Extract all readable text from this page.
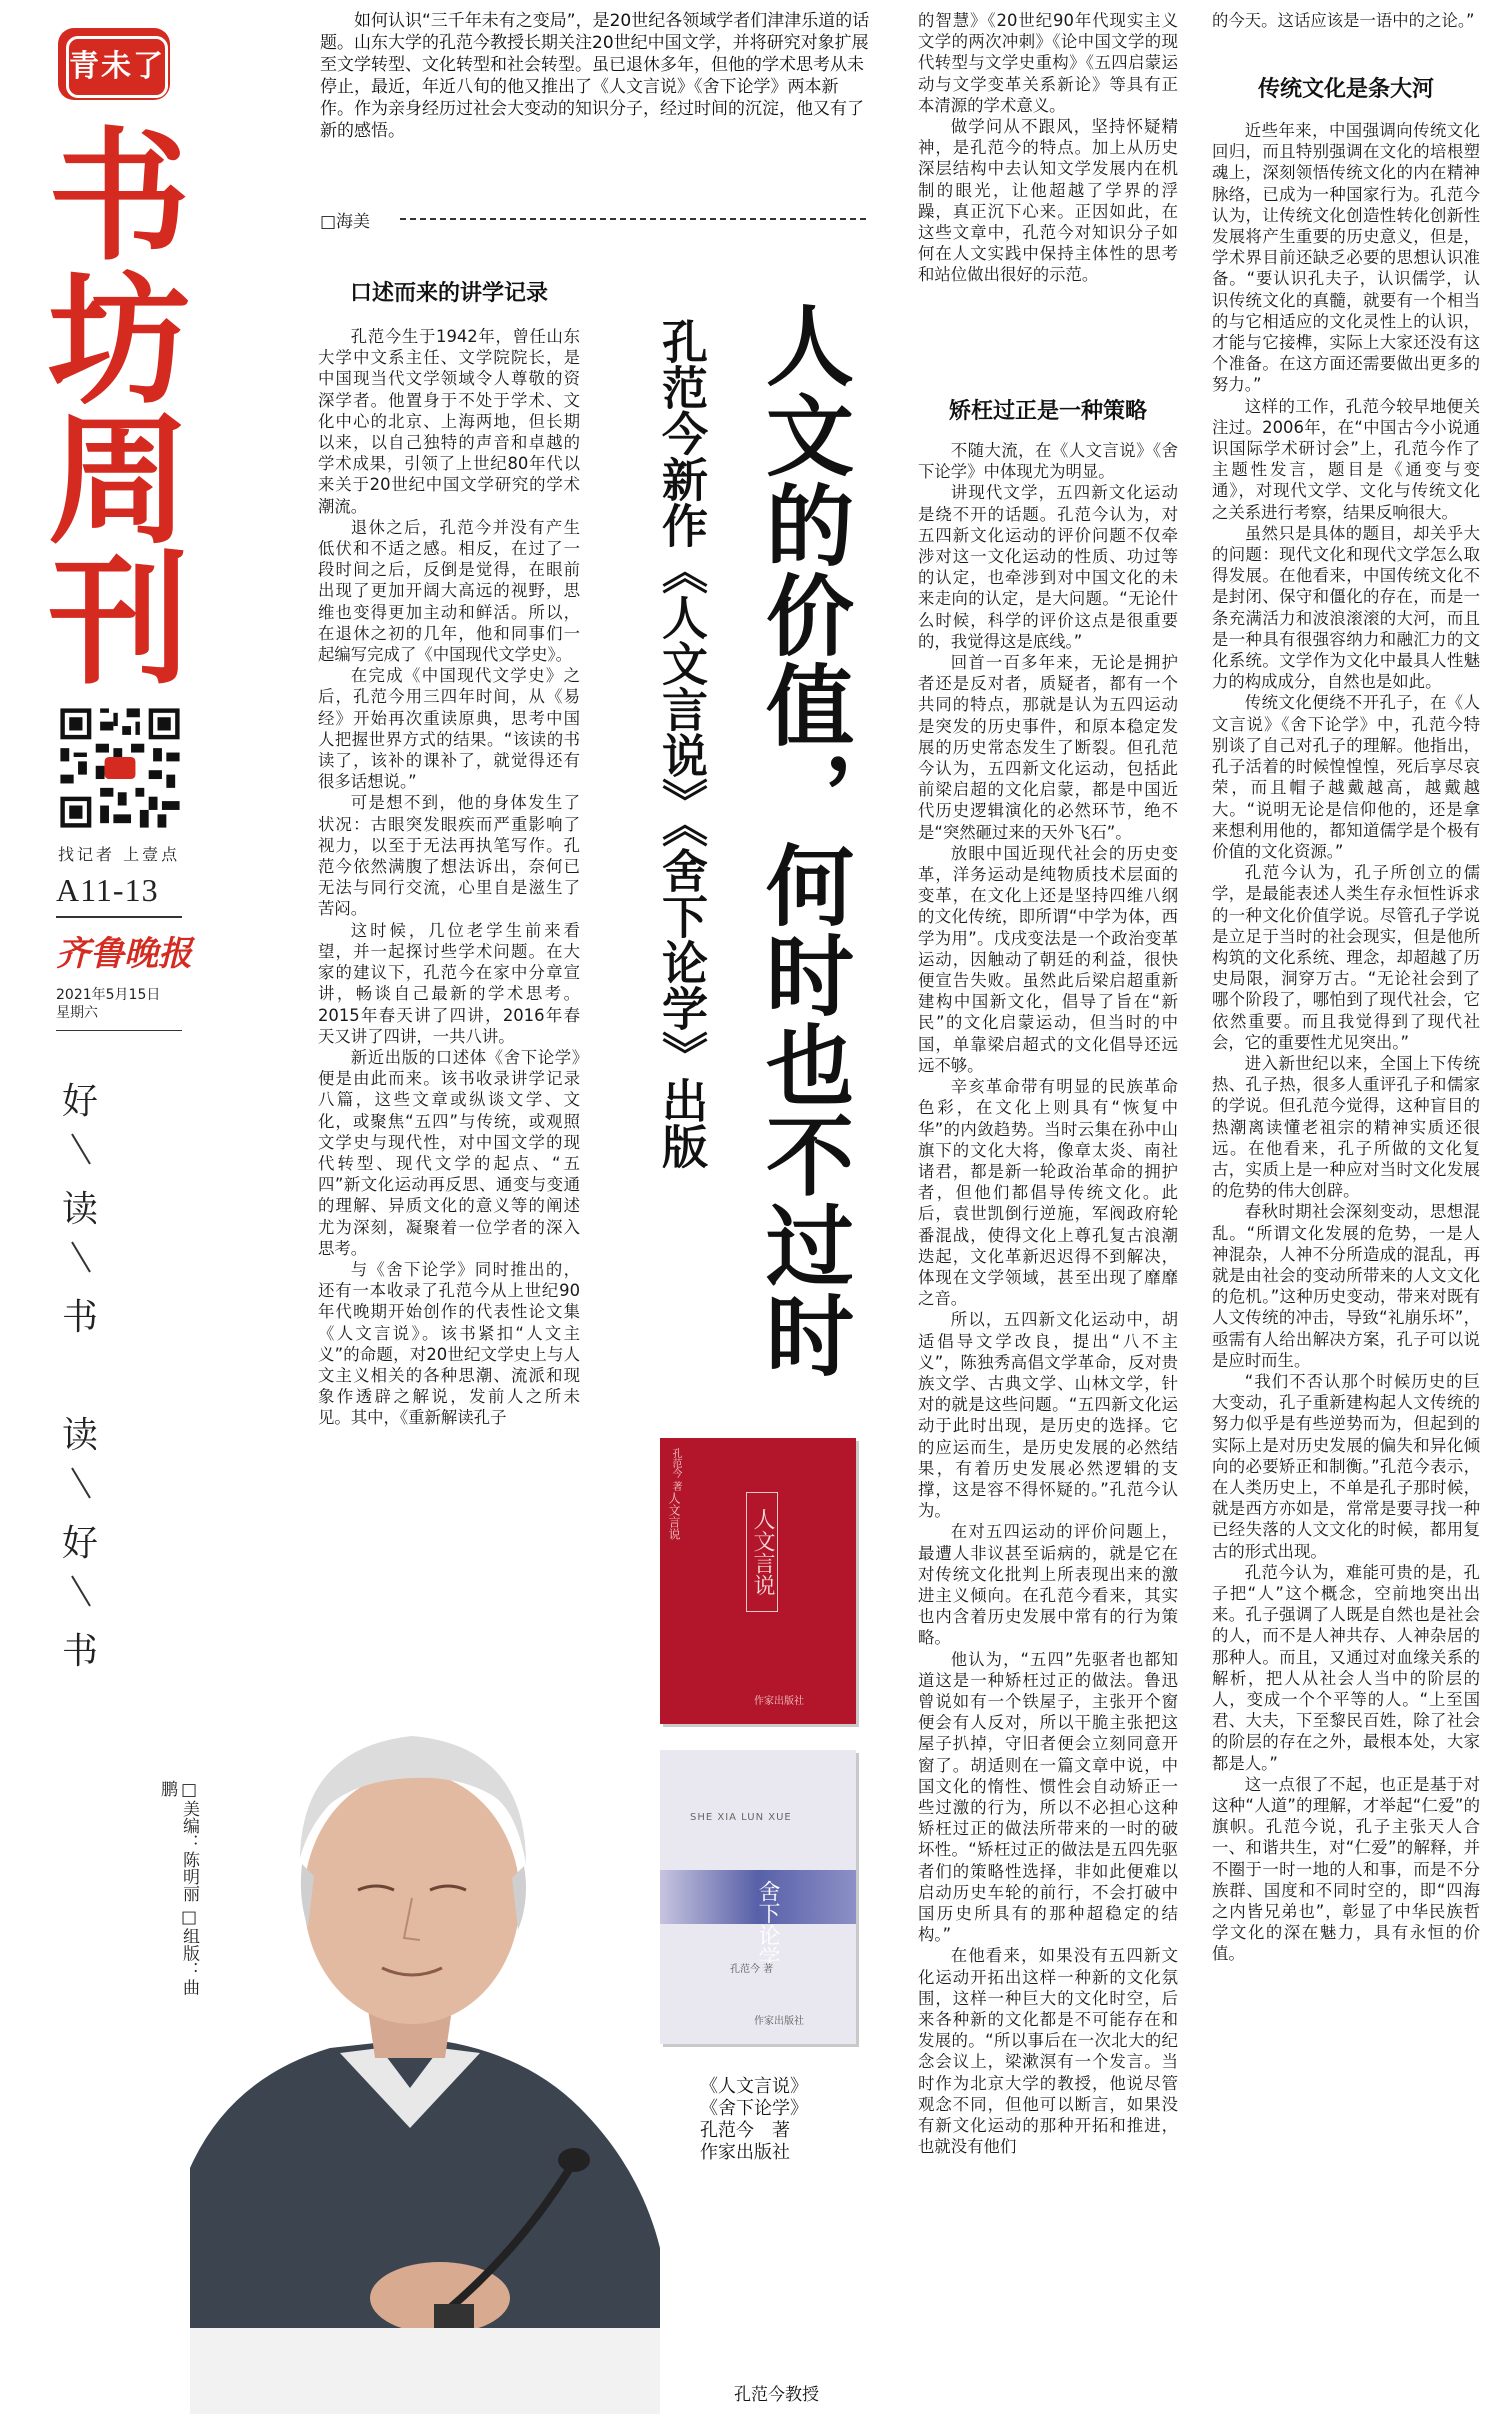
青未了
书
坊
周
刊
找记者 上壹点
A11-13
齐鲁晚报
2021年5月15日
星期六
好
读
书
读
好
书
如何认识“三千年未有之变局”，是20世纪各领域学者们津津乐道的话题。山东大学的孔范今教授长期关注20世纪中国文学，并将研究对象扩展至文学转型、文化转型和社会转型。虽已退休多年，但他的学术思考从未停止，最近，年近八旬的他又推出了《人文言说》《舍下论学》两本新作。作为亲身经历过社会大变动的知识分子，经过时间的沉淀，他又有了新的感悟。
□海美
人文的价值，何时也不过时
孔范今新作《人文言说》《舍下论学》出版
口述而来的讲学记录

孔范今生于1942年，曾任山东大学中文系主任、文学院院长，是中国现当代文学领域令人尊敬的资深学者。他置身于不处于学术、文化中心的北京、上海两地，但长期以来，以自己独特的声音和卓越的学术成果，引领了上世纪80年代以来关于20世纪中国文学研究的学术潮流。

退休之后，孔范今并没有产生低伏和不适之感。相反，在过了一段时间之后，反倒是觉得，在眼前出现了更加开阔大高远的视野，思维也变得更加主动和鲜活。所以，在退休之初的几年，他和同事们一起编写完成了《中国现代文学史》。

在完成《中国现代文学史》之后，孔范今用三四年时间，从《易经》开始再次重读原典，思考中国人把握世界方式的结果。“该读的书读了，该补的课补了，就觉得还有很多话想说。”

可是想不到，他的身体发生了状况：古眼突发眼疾而严重影响了视力，以至于无法再执笔写作。孔范今依然满腹了想法诉出，奈何已无法与同行交流，心里自是滋生了苦闷。

这时候，几位老学生前来看望，并一起探讨些学术问题。在大家的建议下，孔范今在家中分章宣讲，畅谈自己最新的学术思考。2015年春天讲了四讲，2016年春天又讲了四讲，一共八讲。

新近出版的口述体《舍下论学》便是由此而来。该书收录讲学记录八篇，这些文章或纵谈文学、文化，或聚焦“五四”与传统，或观照文学史与现代性，对中国文学的现代转型、现代文学的起点、“五四”新文化运动再反思、通变与变通的理解、异质文化的意义等的阐述尤为深刻，凝聚着一位学者的深入思考。

与《舍下论学》同时推出的，还有一本收录了孔范今从上世纪90年代晚期开始创作的代表性论文集《人文言说》。该书紧扣“人文主义”的命题，对20世纪文学史上与人文主义相关的各种思潮、流派和现象作透辟之解说，发前人之所未见。其中，《重新解读孔子

的智慧》《20世纪90年代现实主义文学的两次冲刺》《论中国文学的现代转型与文学史重构》《五四启蒙运动与文学变革关系新论》等具有正本清源的学术意义。

做学问从不跟风，坚持怀疑精神，是孔范今的特点。加上从历史深层结构中去认知文学发展内在机制的眼光，让他超越了学界的浮躁，真正沉下心来。正因如此，在这些文章中，孔范今对知识分子如何在人文实践中保持主体性的思考和站位做出很好的示范。

矫枉过正是一种策略

不随大流，在《人文言说》《舍下论学》中体现尤为明显。

讲现代文学，五四新文化运动是绕不开的话题。孔范今认为，对五四新文化运动的评价问题不仅牵涉对这一文化运动的性质、功过等的认定，也牵涉到对中国文化的未来走向的认定，是大问题。“无论什么时候，科学的评价这点是很重要的，我觉得这是底线。”

回首一百多年来，无论是拥护者还是反对者，质疑者，都有一个共同的特点，那就是认为五四运动是突发的历史事件，和原本稳定发展的历史常态发生了断裂。但孔范今认为，五四新文化运动，包括此前梁启超的文化启蒙，都是中国近代历史逻辑演化的必然环节，绝不是“突然砸过来的天外飞石”。

放眼中国近现代社会的历史变革，洋务运动是纯物质技术层面的变革，在文化上还是坚持四维八纲的文化传统，即所谓“中学为体，西学为用”。戊戌变法是一个政治变革运动，因触动了朝廷的利益，很快便宣告失败。虽然此后梁启超重新建构中国新文化，倡导了旨在“新民”的文化启蒙运动，但当时的中国，单靠梁启超式的文化倡导还远远不够。

辛亥革命带有明显的民族革命色彩，在文化上则具有“恢复中华”的内敛趋势。当时云集在孙中山旗下的文化大将，像章太炎、南社诸君，都是新一轮政治革命的拥护者，但他们都倡导传统文化。此后，袁世凯倒行逆施，军阀政府轮番混战，使得文化上尊孔复古浪潮迭起，文化革新迟迟得不到解决，体现在文学领域，甚至出现了靡靡之音。

所以，五四新文化运动中，胡适倡导文学改良，提出“八不主义”，陈独秀高倡文学革命，反对贵族文学、古典文学、山林文学，针对的就是这些问题。“五四新文化运动于此时出现，是历史的选择。它的应运而生，是历史发展的必然结果，有着历史发展必然逻辑的支撑，这是容不得怀疑的。”孔范今认为。

在对五四运动的评价问题上，最遭人非议甚至诟病的，就是它在对传统文化批判上所表现出来的激进主义倾向。在孔范今看来，其实也内含着历史发展中常有的行为策略。

他认为，“五四”先驱者也都知道这是一种矫枉过正的做法。鲁迅曾说如有一个铁屋子，主张开个窗便会有人反对，所以干脆主张把这屋子扒掉，守旧者便会立刻同意开窗了。胡适则在一篇文章中说，中国文化的惰性、惯性会自动矫正一些过激的行为，所以不必担心这种矫枉过正的做法所带来的一时的破坏性。“矫枉过正的做法是五四先驱者们的策略性选择，非如此便难以启动历史车轮的前行，不会打破中国历史所具有的那种超稳定的结构。”

在他看来，如果没有五四新文化运动开拓出这样一种新的文化氛围，这样一种巨大的文化时空，后来各种新的文化都是不可能存在和发展的。“所以事后在一次北大的纪念会议上，梁漱溟有一个发言。当时作为北京大学的教授，他说尽管观念不同，但他可以断言，如果没有新文化运动的那种开拓和推进，也就没有他们

的今天。这话应该是一语中的之论。”

传统文化是条大河

近些年来，中国强调向传统文化回归，而且特别强调在文化的培根塑魂上，深刻领悟传统文化的内在精神脉络，已成为一种国家行为。孔范今认为，让传统文化创造性转化创新性发展将产生重要的历史意义，但是，学术界目前还缺乏必要的思想认识准备。“要认识孔夫子，认识儒学，认识传统文化的真髓，就要有一个相当的与它相适应的文化灵性上的认识，才能与它接榫，实际上大家还没有这个准备。在这方面还需要做出更多的努力。”

这样的工作，孔范今较早地便关注过。2006年，在“中国古今小说通识国际学术研讨会”上，孔范今作了主题性发言，题目是《通变与变通》，对现代文学、文化与传统文化之关系进行考察，结果反响很大。

虽然只是具体的题目，却关乎大的问题：现代文化和现代文学怎么取得发展。在他看来，中国传统文化不是封闭、保守和僵化的存在，而是一条充满活力和波浪滚滚的大河，而且是一种具有很强容纳力和融汇力的文化系统。文学作为文化中最具人性魅力的构成成分，自然也是如此。

传统文化便绕不开孔子，在《人文言说》《舍下论学》中，孔范今特别谈了自己对孔子的理解。他指出，孔子活着的时候惶惶惶，死后享尽哀荣，而且帽子越戴越高，越戴越大。“说明无论是信仰他的，还是拿来想利用他的，都知道儒学是个极有价值的文化资源。”

孔范今认为，孔子所创立的儒学，是最能表述人类生存永恒性诉求的一种文化价值学说。尽管孔子学说是立足于当时的社会现实，但是他所构筑的文化系统、理念，却超越了历史局限，洞穿万古。“无论社会到了哪个阶段了，哪怕到了现代社会，它依然重要。而且我觉得到了现代社会，它的重要性尤见突出。”

进入新世纪以来，全国上下传统热、孔子热，很多人重评孔子和儒家的学说。但孔范今觉得，这种盲目的热潮离读懂老祖宗的精神实质还很远。在他看来，孔子所做的文化复古，实质上是一种应对当时文化发展的危势的伟大创辟。

春秋时期社会深刻变动，思想混乱。“所谓文化发展的危势，一是人神混杂，人神不分所造成的混乱，再就是由社会的变动所带来的人文文化的危机。”这种历史变动，带来对既有人文传统的冲击，导致“礼崩乐坏”，亟需有人给出解决方案，孔子可以说是应时而生。

“我们不否认那个时候历史的巨大变动，孔子重新建构起人文传统的努力似乎是有些逆势而为，但起到的实际上是对历史发展的偏失和异化倾向的必要矫正和制衡。”孔范今表示，在人类历史上，不单是孔子那时候，就是西方亦如是，常常是要寻找一种已经失落的人文文化的时候，都用复古的形式出现。

孔范今认为，难能可贵的是，孔子把“人”这个概念，空前地突出出来。孔子强调了人既是自然也是社会的人，而不是人神共存、人神杂居的那种人。而且，又通过对血缘关系的解析，把人从社会人当中的阶层的人，变成一个个平等的人。“上至国君、大夫，下至黎民百姓，除了社会的阶层的存在之外，最根本处，大家都是人。”

这一点很了不起，也正是基于对这种“人道”的理解，才举起“仁爱”的旗帜。孔范今说，孔子主张天人合一、和谐共生，对“仁爱”的解释，并不圈于一时一地的人和事，而是不分族群、国度和不同时空的，即“四海之内皆兄弟也”，彰显了中华民族哲学文化的深在魅力，具有永恒的价值。

孔范今 著
人文言说	人文言说
作家出版社
SHE XIA LUN XUE
舍下论学
孔范今 著
作家出版社
《人文言说》
《舍下论学》
孔范今　著
作家出版社
孔范今教授
□美编：陈明丽 □组版：曲鹏
